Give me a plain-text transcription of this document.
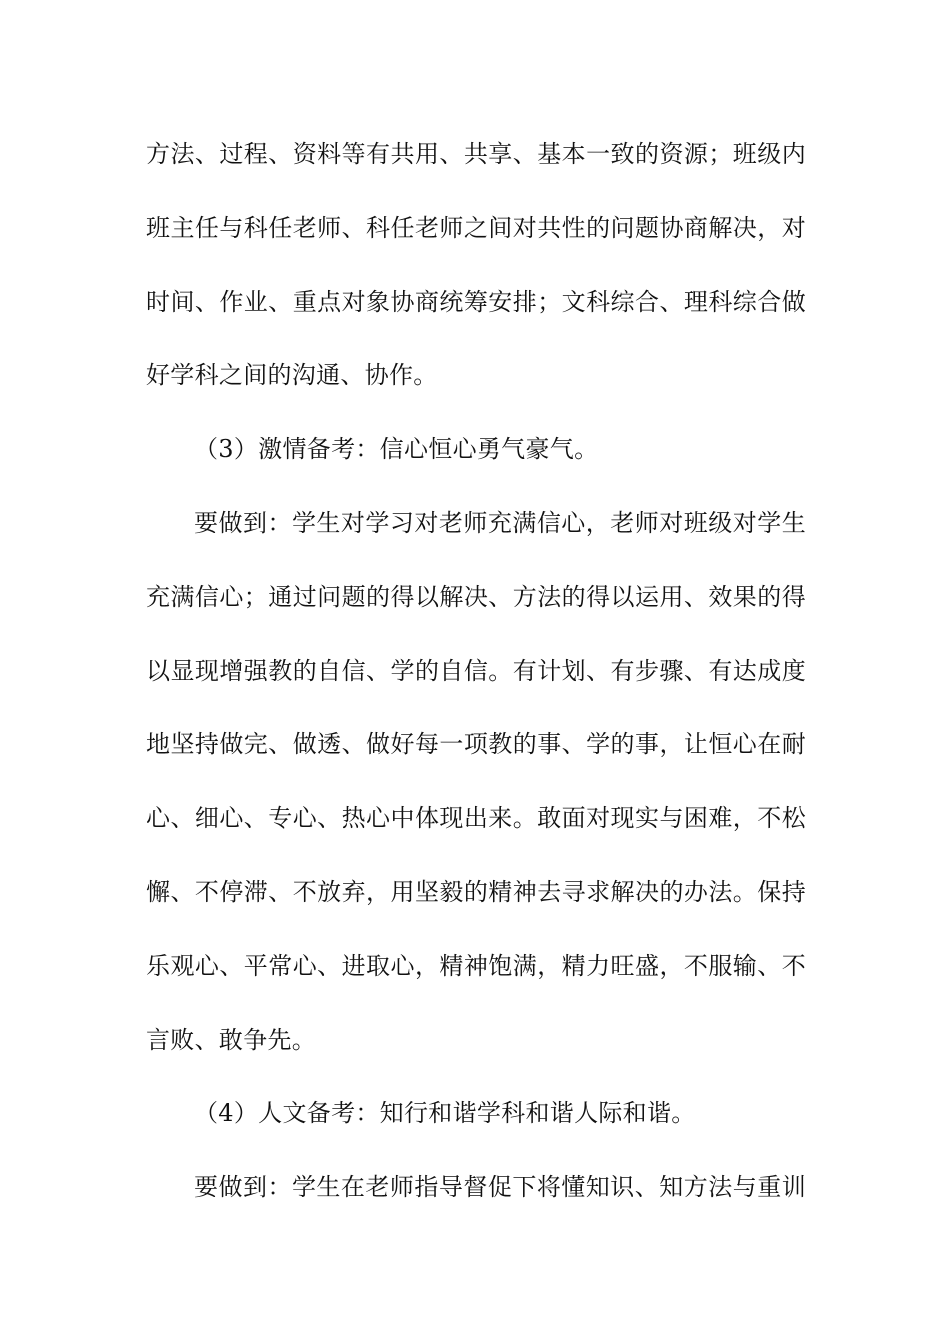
方法、过程、资料等有共用、共享、基本一致的资源；班级内
班主任与科任老师、科任老师之间对共性的问题协商解决，对
时间、作业、重点对象协商统筹安排；文科综合、理科综合做
好学科之间的沟通、协作。
（3）激情备考：信心恒心勇气豪气。
要做到：学生对学习对老师充满信心，老师对班级对学生
充满信心；通过问题的得以解决、方法的得以运用、效果的得
以显现增强教的自信、学的自信。有计划、有步骤、有达成度
地坚持做完、做透、做好每一项教的事、学的事，让恒心在耐
心、细心、专心、热心中体现出来。敢面对现实与困难，不松
懈、不停滞、不放弃，用坚毅的精神去寻求解决的办法。保持
乐观心、平常心、进取心，精神饱满，精力旺盛，不服输、不
言败、敢争先。
（4）人文备考：知行和谐学科和谐人际和谐。
要做到：学生在老师指导督促下将懂知识、知方法与重训
